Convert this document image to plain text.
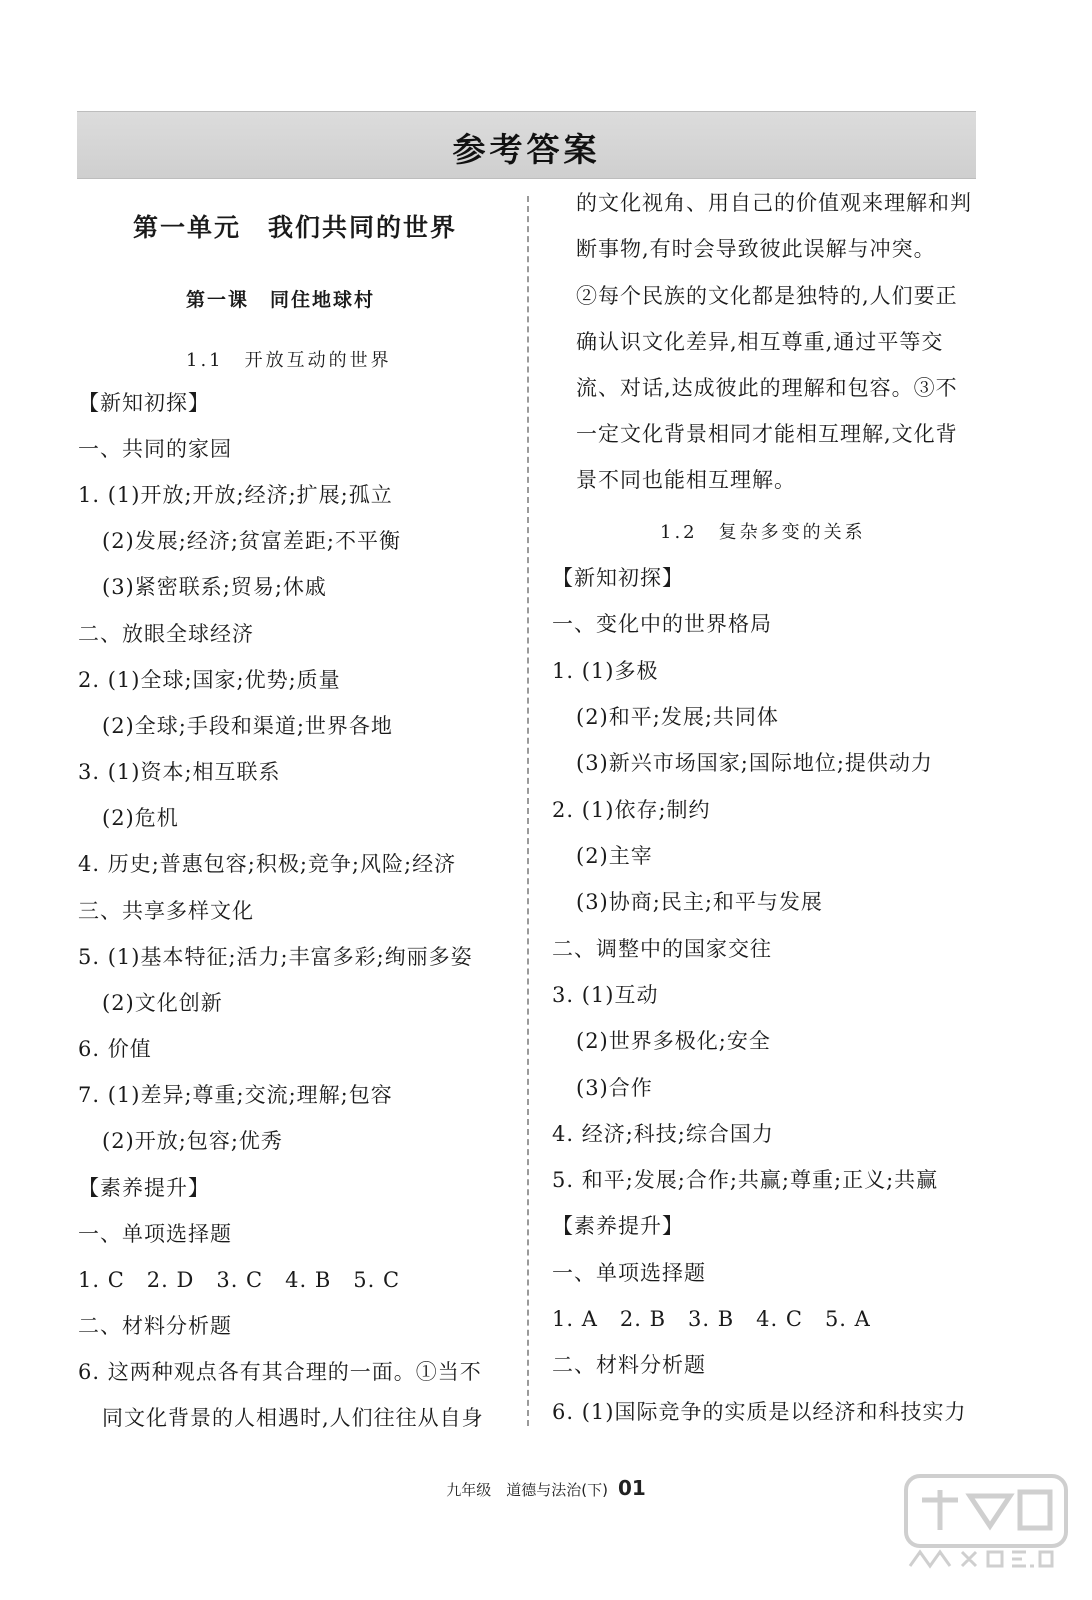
参考答案
第一单元　我们共同的世界
第一课　同住地球村
1.1　开放互动的世界
【新知初探】
一、共同的家园
1. (1)开放;开放;经济;扩展;孤立
(2)发展;经济;贫富差距;不平衡
(3)紧密联系;贸易;休戚
二、放眼全球经济
2. (1)全球;国家;优势;质量
(2)全球;手段和渠道;世界各地
3. (1)资本;相互联系
(2)危机
4. 历史;普惠包容;积极;竞争;风险;经济
三、共享多样文化
5. (1)基本特征;活力;丰富多彩;绚丽多姿
(2)文化创新
6. 价值
7. (1)差异;尊重;交流;理解;包容
(2)开放;包容;优秀
【素养提升】
一、单项选择题
1. C　2. D　3. C　4. B　5. C
二、材料分析题
6. 这两种观点各有其合理的一面。①当不
同文化背景的人相遇时,人们往往从自身
的文化视角、用自己的价值观来理解和判
断事物,有时会导致彼此误解与冲突。
②每个民族的文化都是独特的,人们要正
确认识文化差异,相互尊重,通过平等交
流、对话,达成彼此的理解和包容。③不
一定文化背景相同才能相互理解,文化背
景不同也能相互理解。
1.2　复杂多变的关系
【新知初探】
一、变化中的世界格局
1. (1)多极
(2)和平;发展;共同体
(3)新兴市场国家;国际地位;提供动力
2. (1)依存;制约
(2)主宰
(3)协商;民主;和平与发展
二、调整中的国家交往
3. (1)互动
(2)世界多极化;安全
(3)合作
4. 经济;科技;综合国力
5. 和平;发展;合作;共赢;尊重;正义;共赢
【素养提升】
一、单项选择题
1. A　2. B　3. B　4. C　5. A
二、材料分析题
6. (1)国际竞争的实质是以经济和科技实力
九年级　道德与法治(下) 01
